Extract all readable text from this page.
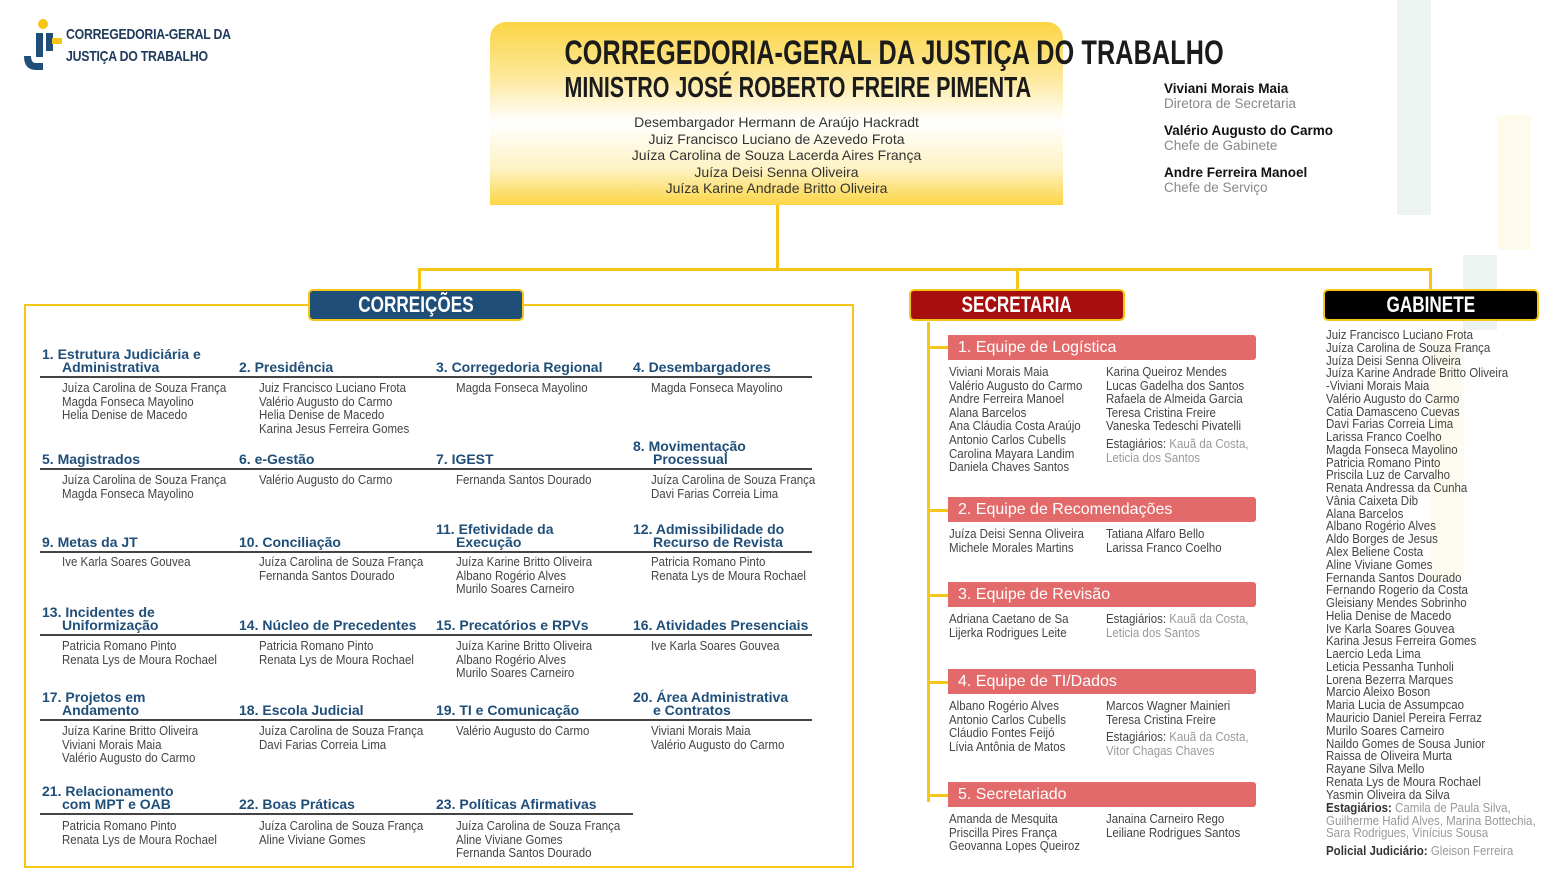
CORREGEDORIA-GERAL DA
JUSTIÇA DO TRABALHO	CORREGEDORIA-GERAL DA JUSTIÇA DO TRABALHO
MINISTRO JOSÉ ROBERTO FREIRE PIMENTA
Desembargador Hermann de Araújo Hackradt
Juiz Francisco Luciano de Azevedo Frota
Juíza Carolina de Souza Lacerda Aires França
Juíza Deisi Senna Oliveira
Juíza Karine Andrade Britto Oliveira
Viviani Morais Maia
Diretora de Secretaria
Valério Augusto do Carmo
Chefe de Gabinete
Andre Ferreira Manoel
Chefe de Serviço
CORREIÇÕES	SECRETARIA	GABINETE
1. Estrutura Judiciária e
Administrativa
Juíza Carolina de Souza França
Magda Fonseca Mayolino
Helia Denise de Macedo
2. Presidência
Juiz Francisco Luciano Frota
Valério Augusto do Carmo
Helia Denise de Macedo
Karina Jesus Ferreira Gomes
3. Corregedoria Regional
Magda Fonseca Mayolino
4. Desembargadores
Magda Fonseca Mayolino
5. Magistrados
Juíza Carolina de Souza França
Magda Fonseca Mayolino
6. e-Gestão
Valério Augusto do Carmo
7. IGEST
Fernanda Santos Dourado
8. Movimentação
Processual
Juíza Carolina de Souza França
Davi Farias Correia Lima
9. Metas da JT
Ive Karla Soares Gouvea
10. Conciliação
Juíza Carolina de Souza França
Fernanda Santos Dourado
11. Efetividade da
Execução
Juíza Karine Britto Oliveira
Albano Rogério Alves
Murilo Soares Carneiro
12. Admissibilidade do
Recurso de Revista
Patricia Romano Pinto
Renata Lys de Moura Rochael
13. Incidentes de
Uniformização
Patricia Romano Pinto
Renata Lys de Moura Rochael
14. Núcleo de Precedentes
Patricia Romano Pinto
Renata Lys de Moura Rochael
15. Precatórios e RPVs
Juíza Karine Britto Oliveira
Albano Rogério Alves
Murilo Soares Carneiro
16. Atividades Presenciais
Ive Karla Soares Gouvea
17. Projetos em
Andamento
Juíza Karine Britto Oliveira
Viviani Morais Maia
Valério Augusto do Carmo
18. Escola Judicial
Juíza Carolina de Souza França
Davi Farias Correia Lima
19. TI e Comunicação
Valério Augusto do Carmo
20. Área Administrativa
e Contratos
Viviani Morais Maia
Valério Augusto do Carmo
21. Relacionamento
com MPT e OAB
Patricia Romano Pinto
Renata Lys de Moura Rochael
22. Boas Práticas
Juíza Carolina de Souza França
Aline Viviane Gomes
23. Políticas Afirmativas
Juíza Carolina de Souza França
Aline Viviane Gomes
Fernanda Santos Dourado
1. Equipe de Logística
Viviani Morais Maia
Valério Augusto do Carmo
Andre Ferreira Manoel
Alana Barcelos
Ana Cláudia Costa Araújo
Antonio Carlos Cubells
Carolina Mayara Landim
Daniela Chaves Santos
Karina Queiroz Mendes
Lucas Gadelha dos Santos
Rafaela de Almeida Garcia
Teresa Cristina Freire
Vaneska Tedeschi Pivatelli
Estagiários: Kauã da Costa,
Leticia dos Santos
2. Equipe de Recomendações
Juíza Deisi Senna Oliveira
Michele Morales Martins
Tatiana Alfaro Bello
Larissa Franco Coelho
3. Equipe de Revisão
Adriana Caetano de Sa
Lijerka Rodrigues Leite
Estagiários: Kauã da Costa,
Leticia dos Santos
4. Equipe de TI/Dados
Albano Rogério Alves
Antonio Carlos Cubells
Cláudio Fontes Feijó
Lívia Antônia de Matos
Marcos Wagner Mainieri
Teresa Cristina Freire
Estagiários: Kauã da Costa,
Vitor Chagas Chaves
5. Secretariado
Amanda de Mesquita
Priscilla Pires França
Geovanna Lopes Queiroz
Janaina Carneiro Rego
Leiliane Rodrigues Santos
Juiz Francisco Luciano Frota
Juíza Carolina de Souza França
Juíza Deisi Senna Oliveira
Juíza Karine Andrade Britto Oliveira
-Viviani Morais Maia
Valério Augusto do Carmo
Catia Damasceno Cuevas
Davi Farias Correia Lima
Larissa Franco Coelho
Magda Fonseca Mayolino
Patricia Romano Pinto
Priscila Luz de Carvalho
Renata Andressa da Cunha
Vânia Caixeta Dib
Alana Barcelos
Albano Rogério Alves
Aldo Borges de Jesus
Alex Beliene Costa
Aline Viviane Gomes
Fernanda Santos Dourado
Fernando Rogerio da Costa
Gleisiany Mendes Sobrinho
Helia Denise de Macedo
Ive Karla Soares Gouvea
Karina Jesus Ferreira Gomes
Laercio Leda Lima
Leticia Pessanha Tunholi
Lorena Bezerra Marques
Marcio Aleixo Boson
Maria Lucia de Assumpcao
Mauricio Daniel Pereira Ferraz
Murilo Soares Carneiro
Naildo Gomes de Sousa Junior
Raissa de Oliveira Murta
Rayane Silva Mello
Renata Lys de Moura Rochael
Yasmin Oliveira da Silva
Estagiários: Camila de Paula Silva,
Guilherme Hafid Alves, Marina Bottechia,
Sara Rodrigues, Vinícius Sousa
Policial Judiciário: Gleison Ferreira
